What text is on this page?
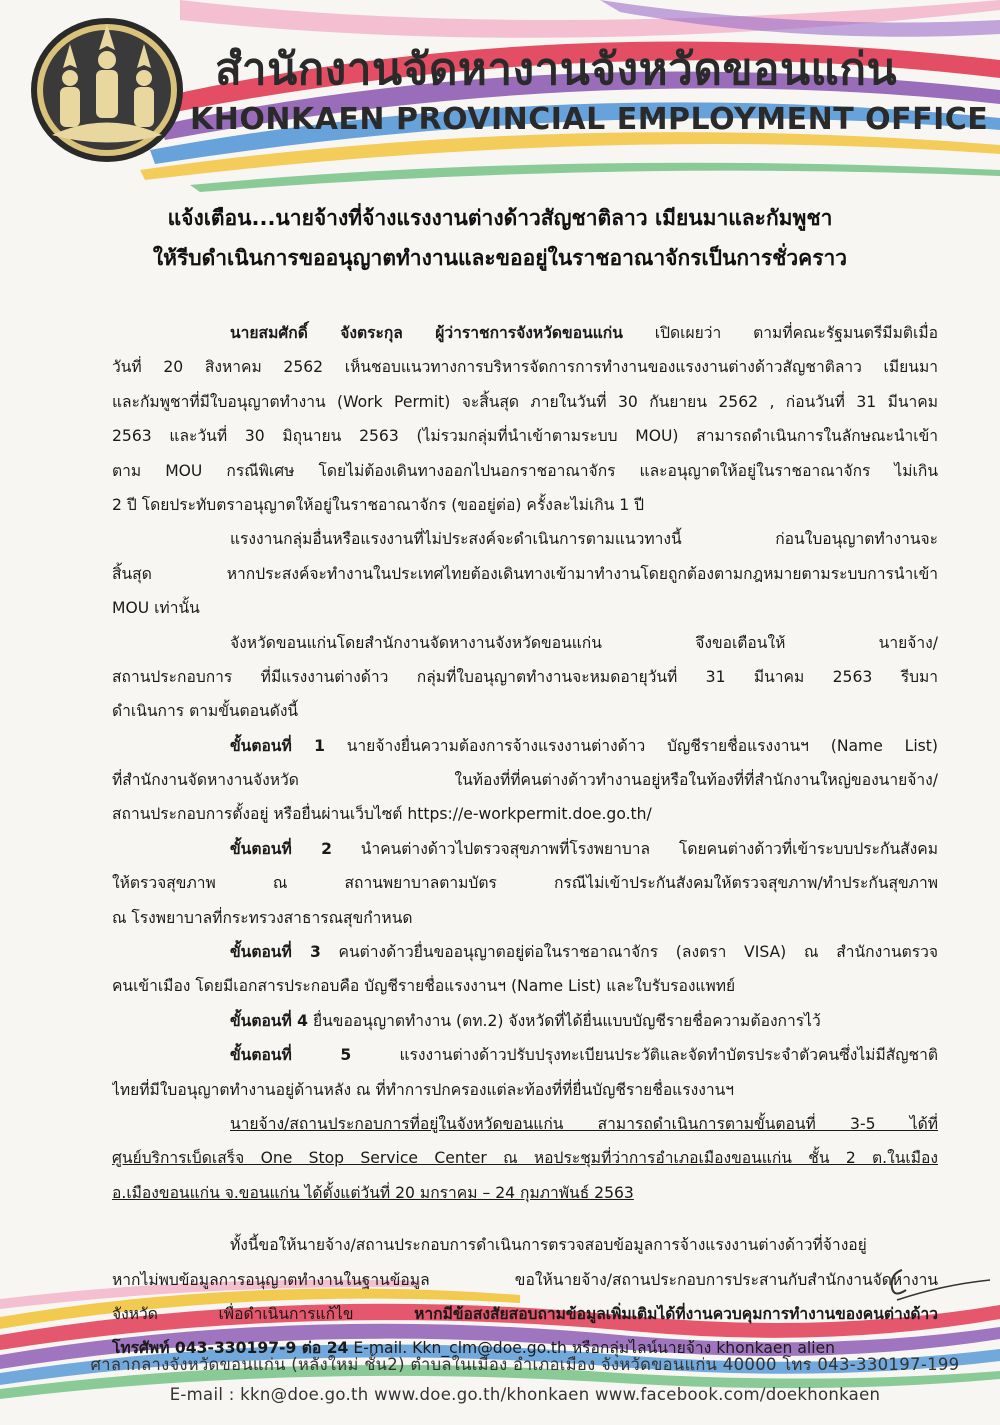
สำนักงานจัดหางานจังหวัดขอนแก่น
KHONKAEN PROVINCIAL EMPLOYMENT OFFICE
แจ้งเตือน...นายจ้างที่จ้างแรงงานต่างด้าวสัญชาติลาว เมียนมาและกัมพูชา
ให้รีบดำเนินการขออนุญาตทำงานและขออยู่ในราชอาณาจักรเป็นการชั่วคราว
นายสมศักดิ์ จังตระกุล ผู้ว่าราชการจังหวัดขอนแก่น เปิดเผยว่า ตามที่คณะรัฐมนตรีมีมติเมื่อ
วันที่ 20 สิงหาคม 2562 เห็นชอบแนวทางการบริหารจัดการการทำงานของแรงงานต่างด้าวสัญชาติลาว เมียนมา
และกัมพูชาที่มีใบอนุญาตทำงาน (Work Permit) จะสิ้นสุด ภายในวันที่ 30 กันยายน 2562 , ก่อนวันที่ 31 มีนาคม
2563 และวันที่ 30 มิถุนายน 2563 (ไม่รวมกลุ่มที่นำเข้าตามระบบ MOU) สามารถดำเนินการในลักษณะนำเข้า
ตาม MOU กรณีพิเศษ โดยไม่ต้องเดินทางออกไปนอกราชอาณาจักร และอนุญาตให้อยู่ในราชอาณาจักร ไม่เกิน
2 ปี โดยประทับตราอนุญาตให้อยู่ในราชอาณาจักร (ขออยู่ต่อ) ครั้งละไม่เกิน 1 ปี
แรงงานกลุ่มอื่นหรือแรงงานที่ไม่ประสงค์จะดำเนินการตามแนวทางนี้ ก่อนใบอนุญาตทำงานจะ
สิ้นสุด หากประสงค์จะทำงานในประเทศไทยต้องเดินทางเข้ามาทำงานโดยถูกต้องตามกฎหมายตามระบบการนำเข้า
MOU เท่านั้น
จังหวัดขอนแก่นโดยสำนักงานจัดหางานจังหวัดขอนแก่น จึงขอเตือนให้ นายจ้าง/
สถานประกอบการ ที่มีแรงงานต่างด้าว กลุ่มที่ใบอนุญาตทำงานจะหมดอายุวันที่ 31 มีนาคม 2563 รีบมา
ดำเนินการ ตามขั้นตอนดังนี้
ขั้นตอนที่ 1 นายจ้างยื่นความต้องการจ้างแรงงานต่างด้าว บัญชีรายชื่อแรงงานฯ (Name List)
ที่สำนักงานจัดหางานจังหวัด ในท้องที่ที่คนต่างด้าวทำงานอยู่หรือในท้องที่ที่สำนักงานใหญ่ของนายจ้าง/
สถานประกอบการตั้งอยู่ หรือยื่นผ่านเว็บไซต์ https://e-workpermit.doe.go.th/
ขั้นตอนที่ 2 นำคนต่างด้าวไปตรวจสุขภาพที่โรงพยาบาล โดยคนต่างด้าวที่เข้าระบบประกันสังคม
ให้ตรวจสุขภาพ ณ สถานพยาบาลตามบัตร กรณีไม่เข้าประกันสังคมให้ตรวจสุขภาพ/ทำประกันสุขภาพ
ณ โรงพยาบาลที่กระทรวงสาธารณสุขกำหนด
ขั้นตอนที่ 3 คนต่างด้าวยื่นขออนุญาตอยู่ต่อในราชอาณาจักร (ลงตรา VISA) ณ สำนักงานตรวจ
คนเข้าเมือง โดยมีเอกสารประกอบคือ บัญชีรายชื่อแรงงานฯ (Name List) และใบรับรองแพทย์
ขั้นตอนที่ 4 ยื่นขออนุญาตทำงาน (ตท.2) จังหวัดที่ได้ยื่นแบบบัญชีรายชื่อความต้องการไว้
ขั้นตอนที่ 5 แรงงานต่างด้าวปรับปรุงทะเบียนประวัติและจัดทำบัตรประจำตัวคนซึ่งไม่มีสัญชาติ
ไทยที่มีใบอนุญาตทำงานอยู่ด้านหลัง ณ ที่ทำการปกครองแต่ละท้องที่ที่ยื่นบัญชีรายชื่อแรงงานฯ
นายจ้าง/สถานประกอบการที่อยู่ในจังหวัดขอนแก่น สามารถดำเนินการตามขั้นตอนที่ 3-5 ได้ที่
ศูนย์บริการเบ็ดเสร็จ One Stop Service Center ณ หอประชุมที่ว่าการอำเภอเมืองขอนแก่น ชั้น 2 ต.ในเมือง
อ.เมืองขอนแก่น จ.ขอนแก่น ได้ตั้งแต่วันที่ 20 มกราคม – 24 กุมภาพันธ์ 2563
ทั้งนี้ขอให้นายจ้าง/สถานประกอบการดำเนินการตรวจสอบข้อมูลการจ้างแรงงานต่างด้าวที่จ้างอยู่
หากไม่พบข้อมูลการอนุญาตทำงานในฐานข้อมูล ขอให้นายจ้าง/สถานประกอบการประสานกับสำนักงานจัดหางาน
จังหวัด เพื่อดำเนินการแก้ไข หากมีข้อสงสัยสอบถามข้อมูลเพิ่มเติมได้ที่งานควบคุมการทำงานของคนต่างด้าว
โทรศัพท์ 043-330197-9 ต่อ 24 E-mail. Kkn_clm@doe.go.th หรือกลุ่มไลน์นายจ้าง khonkaen alien
ศาลากลางจังหวัดขอนแก่น (หลังใหม่ ชั้น2) ตำบลในเมือง อำเภอเมือง จังหวัดขอนแก่น 40000 โทร 043-330197-199
E-mail : kkn@doe.go.th www.doe.go.th/khonkaen www.facebook.com/doekhonkaen
